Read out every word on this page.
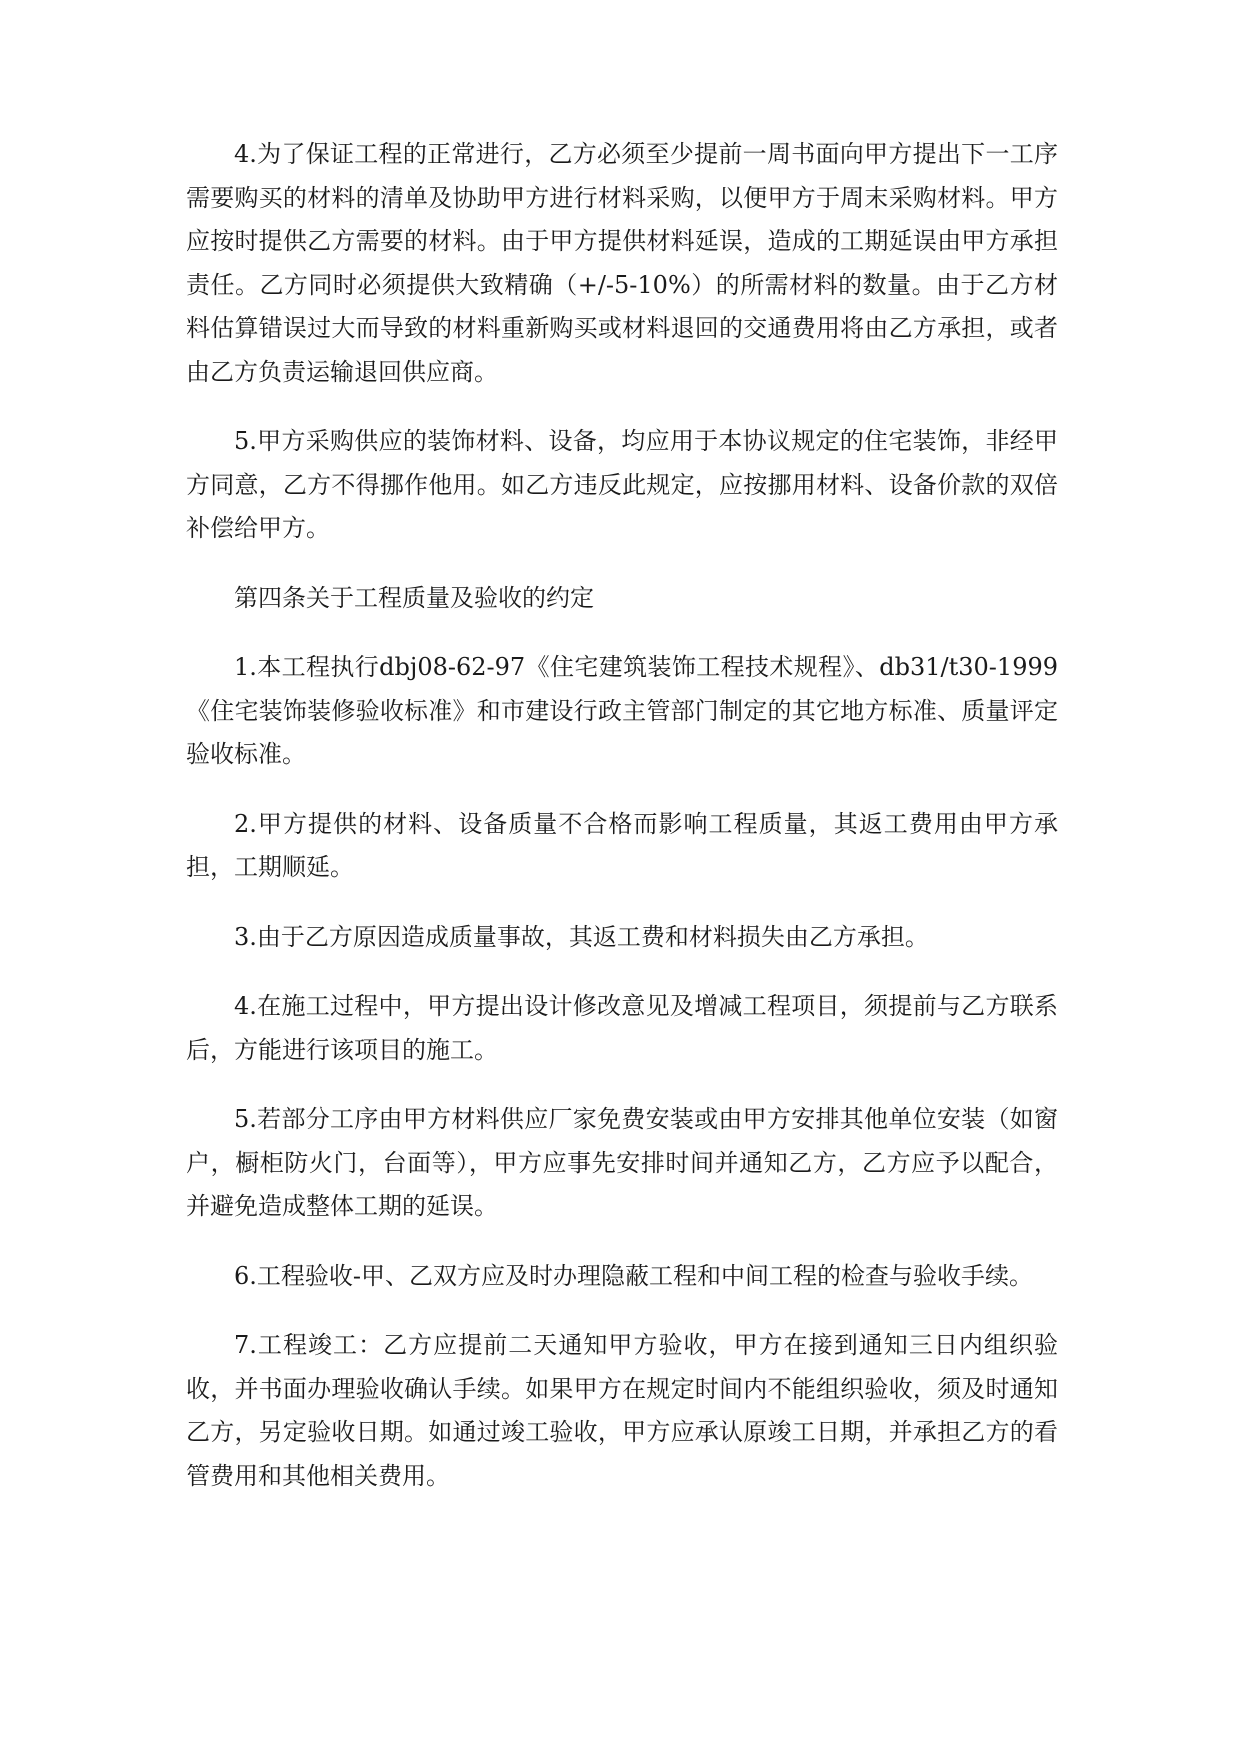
4.为了保证工程的正常进行，乙方必须至少提前一周书面向甲方提出下一工序需要购买的材料的清单及协助甲方进行材料采购，以便甲方于周末采购材料。甲方应按时提供乙方需要的材料。由于甲方提供材料延误，造成的工期延误由甲方承担责任。乙方同时必须提供大致精确（+/-5-10%）的所需材料的数量。由于乙方材料估算错误过大而导致的材料重新购买或材料退回的交通费用将由乙方承担，或者由乙方负责运输退回供应商。

5.甲方采购供应的装饰材料、设备，均应用于本协议规定的住宅装饰，非经甲方同意，乙方不得挪作他用。如乙方违反此规定，应按挪用材料、设备价款的双倍补偿给甲方。

第四条关于工程质量及验收的约定

1.本工程执行dbj08-62-97《住宅建筑装饰工程技术规程》、db31/t30-1999《住宅装饰装修验收标准》和市建设行政主管部门制定的其它地方标准、质量评定验收标准。

2.甲方提供的材料、设备质量不合格而影响工程质量，其返工费用由甲方承担，工期顺延。

3.由于乙方原因造成质量事故，其返工费和材料损失由乙方承担。

4.在施工过程中，甲方提出设计修改意见及增减工程项目，须提前与乙方联系后，方能进行该项目的施工。

5.若部分工序由甲方材料供应厂家免费安装或由甲方安排其他单位安装（如窗户，橱柜防火门，台面等），甲方应事先安排时间并通知乙方，乙方应予以配合，并避免造成整体工期的延误。

6.工程验收-甲、乙双方应及时办理隐蔽工程和中间工程的检查与验收手续。

7.工程竣工：乙方应提前二天通知甲方验收，甲方在接到通知三日内组织验收，并书面办理验收确认手续。如果甲方在规定时间内不能组织验收，须及时通知乙方，另定验收日期。如通过竣工验收，甲方应承认原竣工日期，并承担乙方的看管费用和其他相关费用。
